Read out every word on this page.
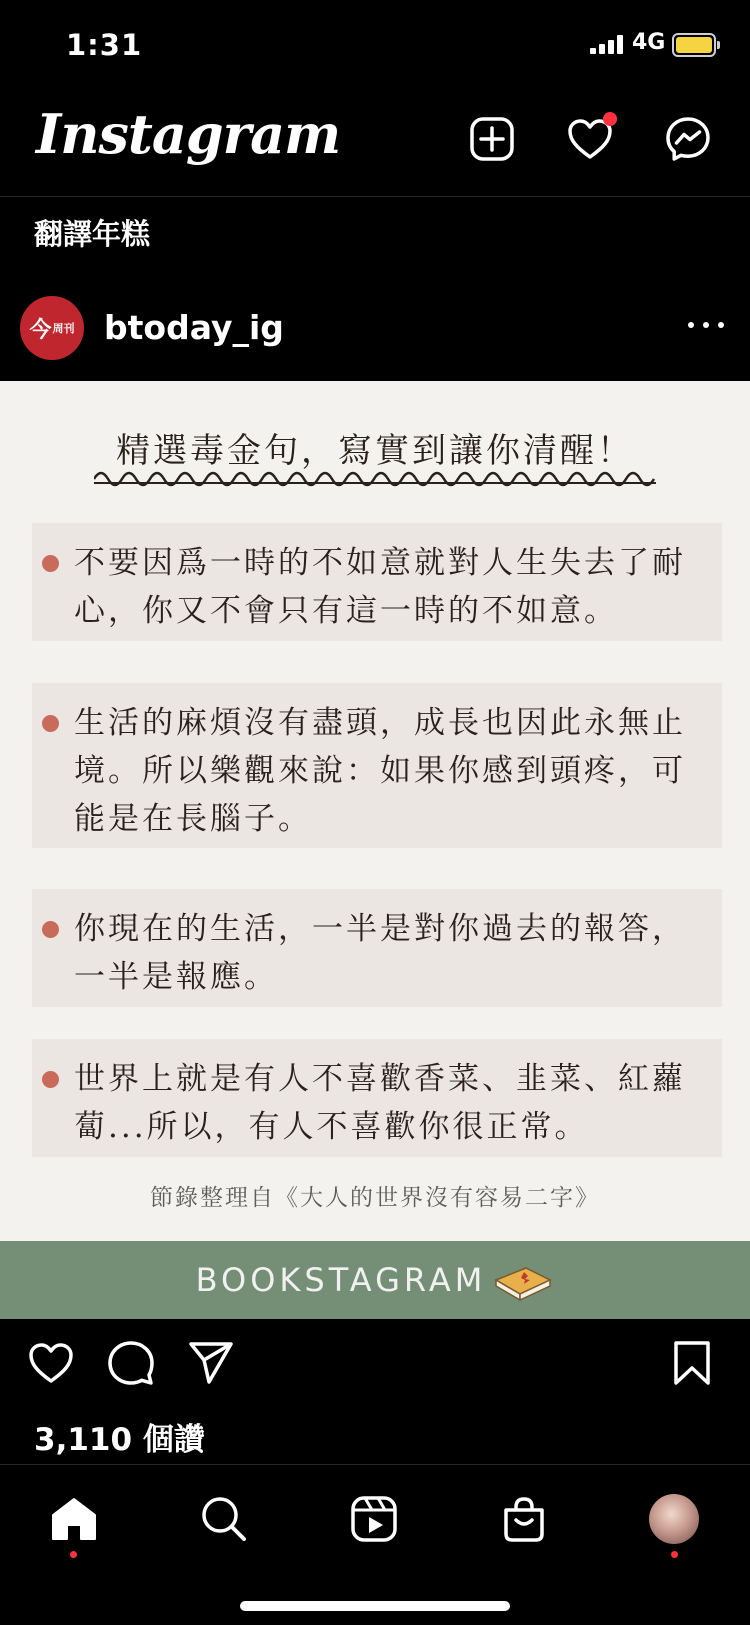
1:31	4G
Instagram
翻譯年糕
今 周刊 btoday_ig
精選毒金句，寫實到讓你清醒！
不要因爲一時的不如意就對人生失去了耐心，你又不會只有這一時的不如意。
生活的麻煩沒有盡頭，成長也因此永無止境。所以樂觀來說：如果你感到頭疼，可能是在長腦子。
你現在的生活，一半是對你過去的報答，一半是報應。
世界上就是有人不喜歡香菜、韭菜、紅蘿蔔...所以，有人不喜歡你很正常。
節錄整理自《大人的世界沒有容易二字》
BOOKSTAGRAM
3,110 個讚
